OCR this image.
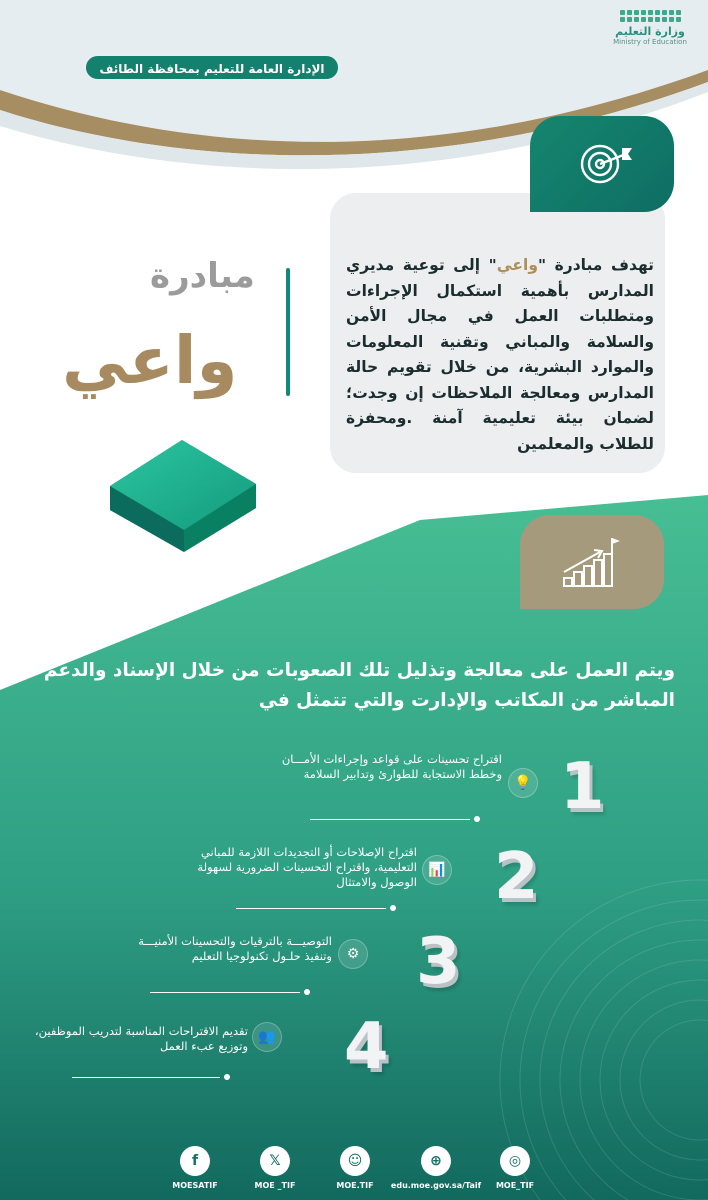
وزارة التعليم
Ministry of Education
الإدارة العامة للتعليم بمحافظة الطائف
تهدف مبادرة "واعي" إلى توعية مديري المدارس بأهمية استكمال الإجراءات ومتطلبات العمل في مجال الأمن والسلامة والمباني وتقنية المعلومات والموارد البشرية، من خلال تقويم حالة المدارس ومعالجة الملاحظات إن وجدت؛ لضمان بيئة تعليمية آمنة .ومحفزة للطلاب والمعلمين
مبادرة
واعي
ويتم العمل على معالجة وتذليل تلك الصعوبات من خلال الإسناد والدعم المباشر من المكاتب والإدارت والتي تتمثل في
1
💡
اقتراح تحسينات على قواعد وإجراءات الأمـــان وخطط الاستجابة للطوارئ وتدابير السلامة
2
📊
اقتراح الإصلاحات أو التجديدات اللازمة للمباني التعليمية، واقتراح التحسينات الضرورية لسهولة الوصول والامتثال
3
⚙
التوصيـــة بالترقيات والتحسينات الأمنيـــة وتنفيذ حلـول تكنولوجيا التعليم
4
👥
تقديم الاقتراحات المناسبة لتدريب الموظفين، وتوزيع عبء العمل
◎
MOE_TIF
⊕
edu.moe.gov.sa/Taif
☺
MOE.TIF
𝕏
MOE _TIF
f
MOESATIF
